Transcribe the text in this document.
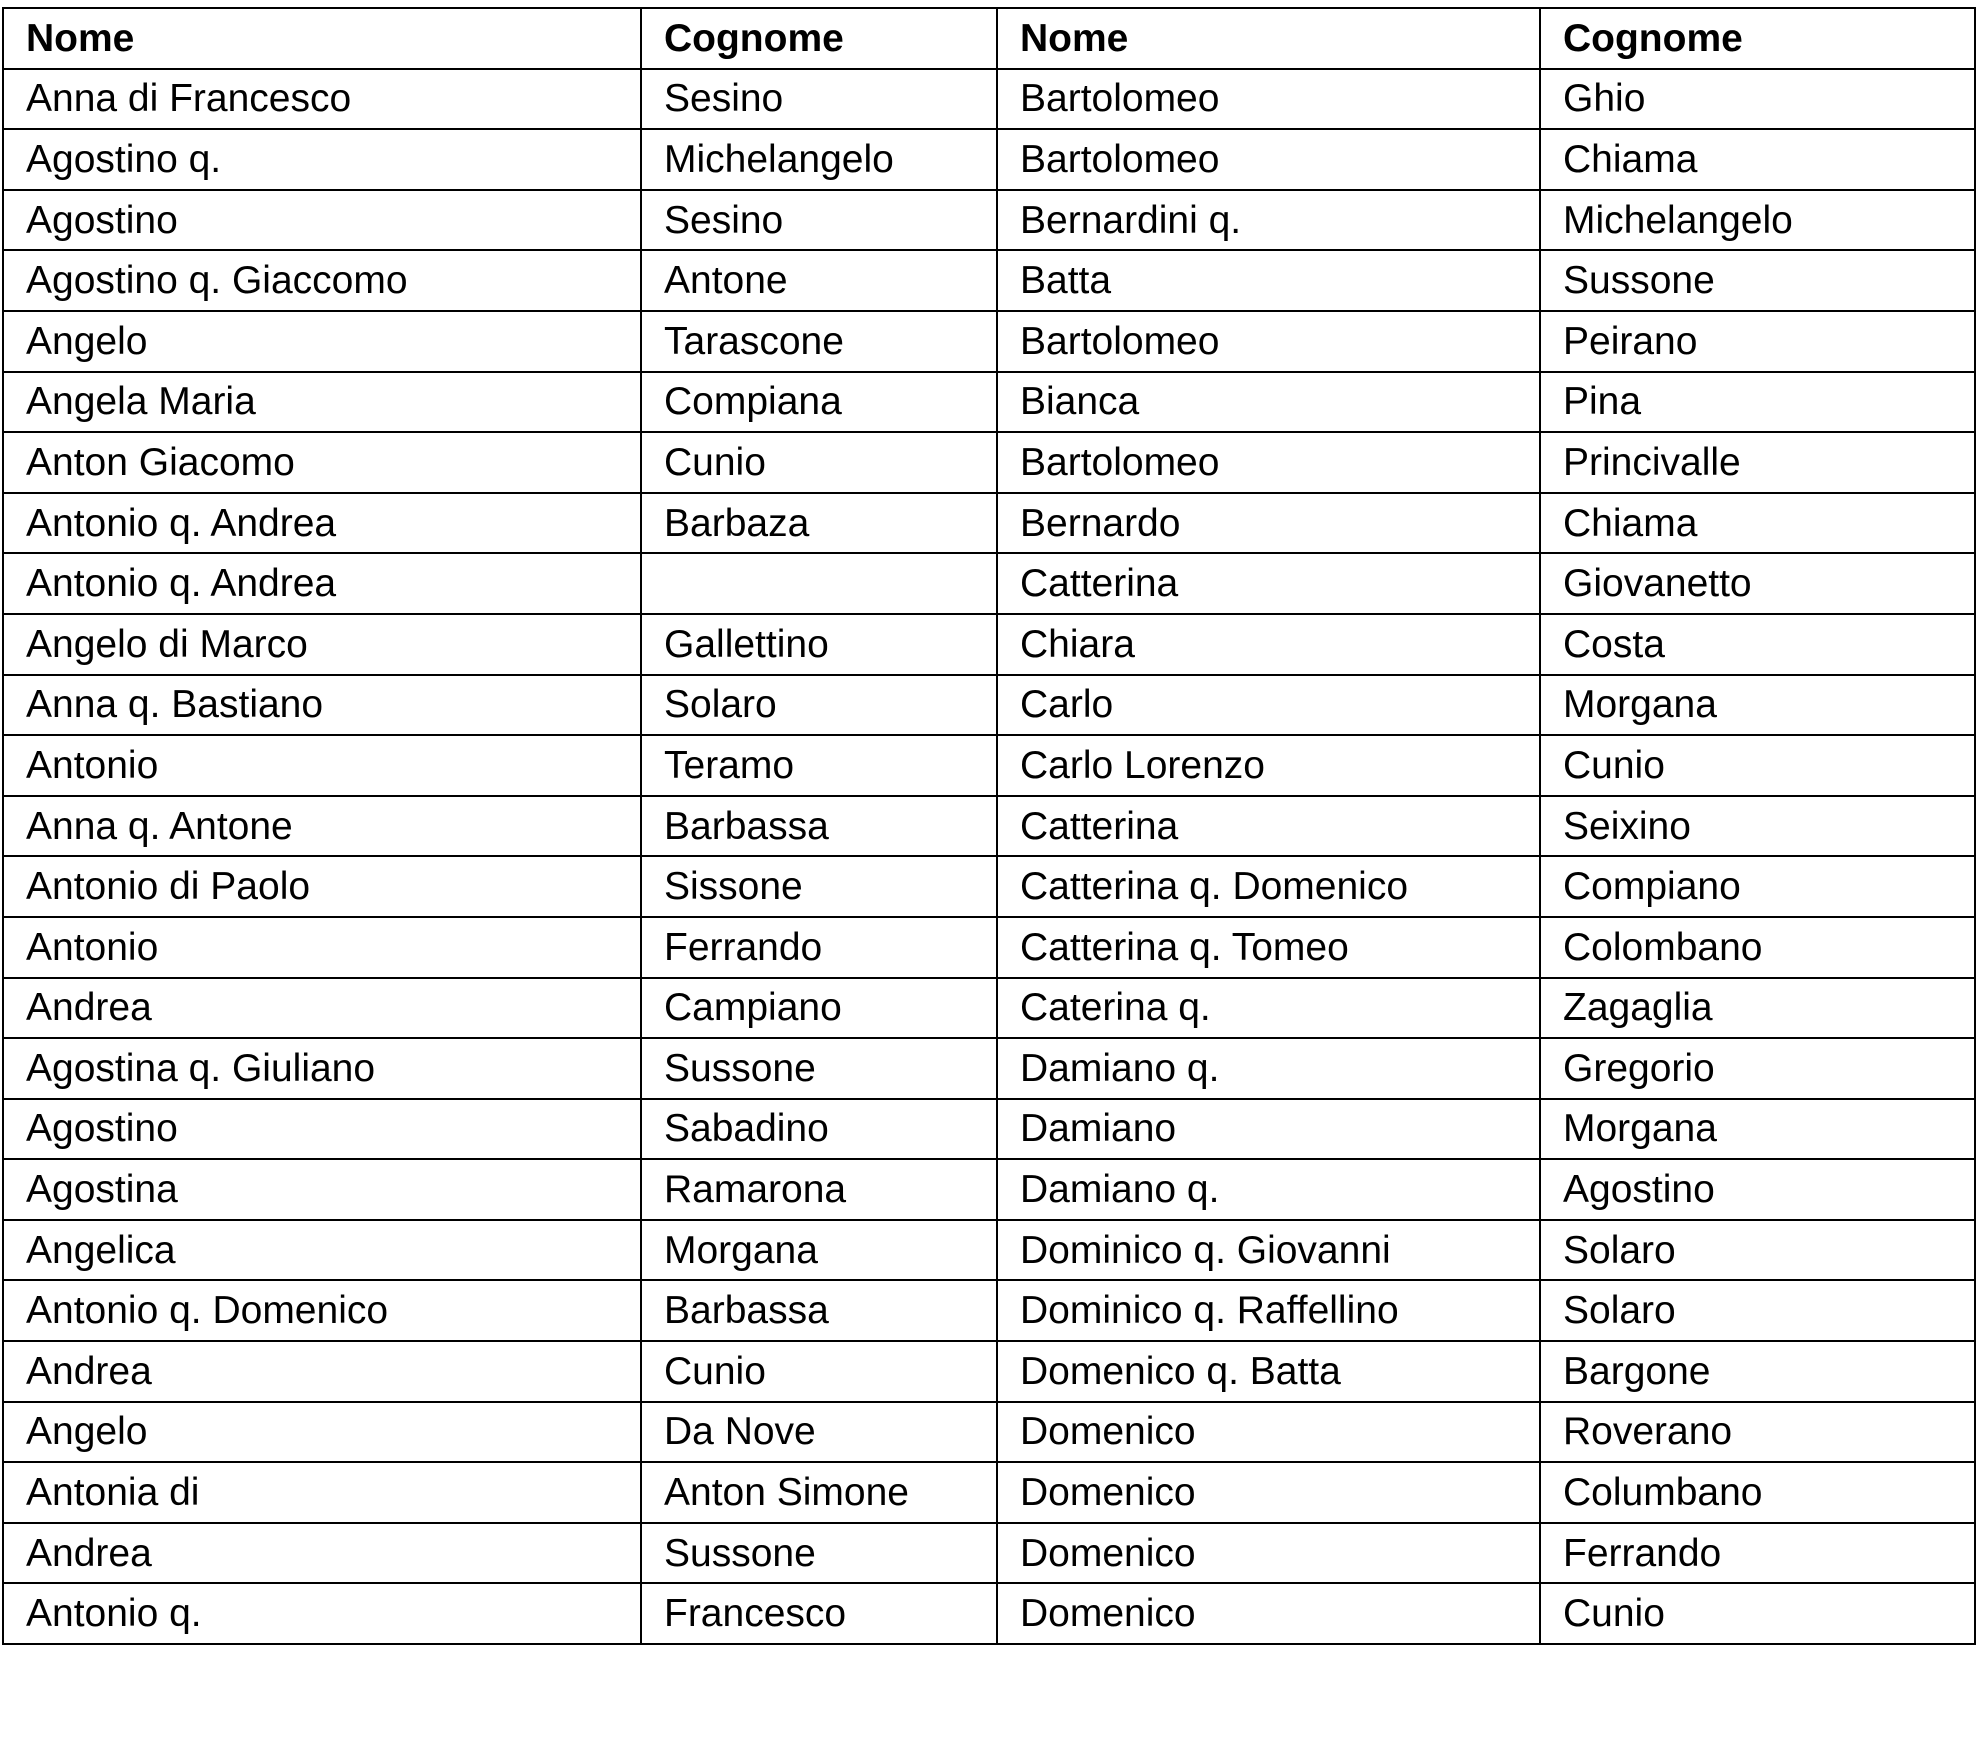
Nome	Cognome	Nome	Cognome
Anna di Francesco	Sesino	Bartolomeo	Ghio
Agostino q.	Michelangelo	Bartolomeo	Chiama
Agostino	Sesino	Bernardini q.	Michelangelo
Agostino q. Giaccomo	Antone	Batta	Sussone
Angelo	Tarascone	Bartolomeo	Peirano
Angela Maria	Compiana	Bianca	Pina
Anton Giacomo	Cunio	Bartolomeo	Princivalle
Antonio q. Andrea	Barbaza	Bernardo	Chiama
Antonio q. Andrea		Catterina	Giovanetto
Angelo di Marco	Gallettino	Chiara	Costa
Anna q. Bastiano	Solaro	Carlo	Morgana
Antonio	Teramo	Carlo Lorenzo	Cunio
Anna q. Antone	Barbassa	Catterina	Seixino
Antonio di Paolo	Sissone	Catterina q. Domenico	Compiano
Antonio	Ferrando	Catterina q. Tomeo	Colombano
Andrea	Campiano	Caterina q.	Zagaglia
Agostina q. Giuliano	Sussone	Damiano q.	Gregorio
Agostino	Sabadino	Damiano	Morgana
Agostina	Ramarona	Damiano q.	Agostino
Angelica	Morgana	Dominico q. Giovanni	Solaro
Antonio q. Domenico	Barbassa	Dominico q. Raffellino	Solaro
Andrea	Cunio	Domenico q. Batta	Bargone
Angelo	Da Nove	Domenico	Roverano
Antonia di	Anton Simone	Domenico	Columbano
Andrea	Sussone	Domenico	Ferrando
Antonio q.	Francesco	Domenico	Cunio
